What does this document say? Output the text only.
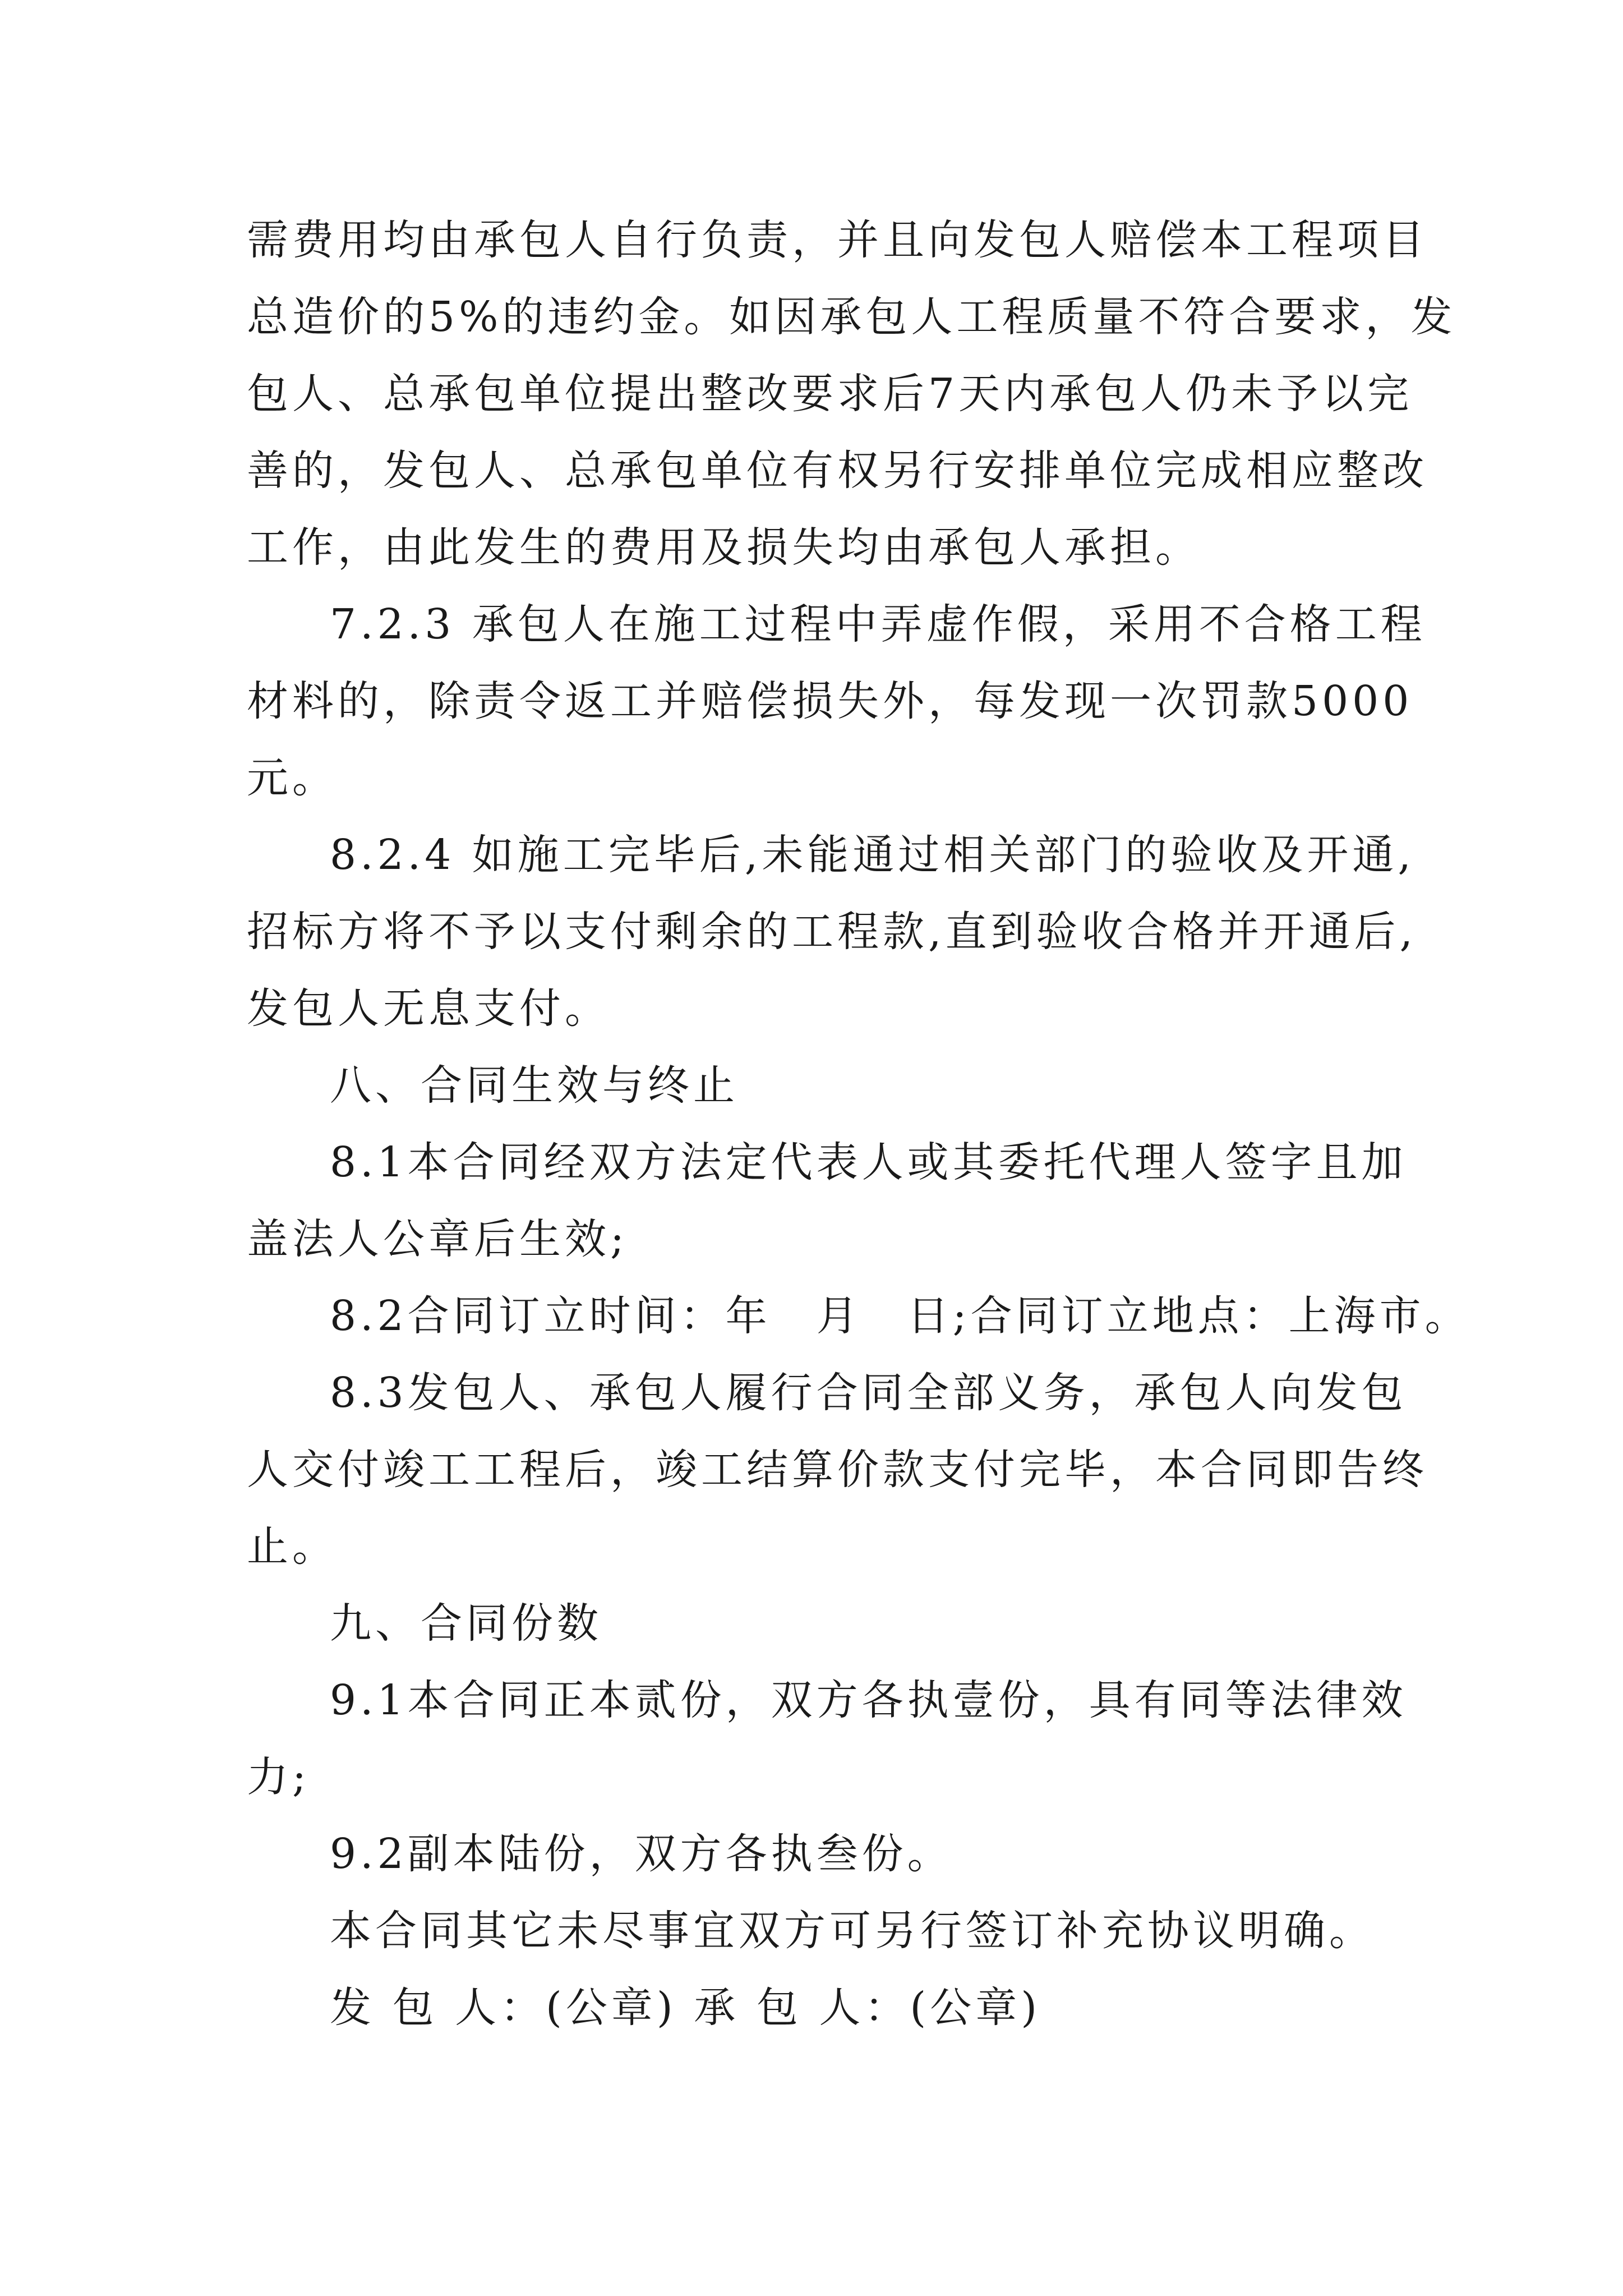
需费用均由承包人自行负责，并且向发包人赔偿本工程项目
总造价的5%的违约金。如因承包人工程质量不符合要求，发
包人、总承包单位提出整改要求后7天内承包人仍未予以完
善的，发包人、总承包单位有权另行安排单位完成相应整改
工作，由此发生的费用及损失均由承包人承担。
7.2.3 承包人在施工过程中弄虚作假，采用不合格工程
材料的，除责令返工并赔偿损失外，每发现一次罚款5000
元。
8.2.4 如施工完毕后,未能通过相关部门的验收及开通,
招标方将不予以支付剩余的工程款,直到验收合格并开通后,
发包人无息支付。
八、合同生效与终止
8.1本合同经双方法定代表人或其委托代理人签字且加
盖法人公章后生效;
8.2合同订立时间：年　月　日;合同订立地点：上海市。
8.3发包人、承包人履行合同全部义务，承包人向发包
人交付竣工工程后，竣工结算价款支付完毕，本合同即告终
止。
九、合同份数
9.1本合同正本贰份，双方各执壹份，具有同等法律效
力;
9.2副本陆份，双方各执叁份。
本合同其它未尽事宜双方可另行签订补充协议明确。
发 包 人：(公章) 承 包 人：(公章)
